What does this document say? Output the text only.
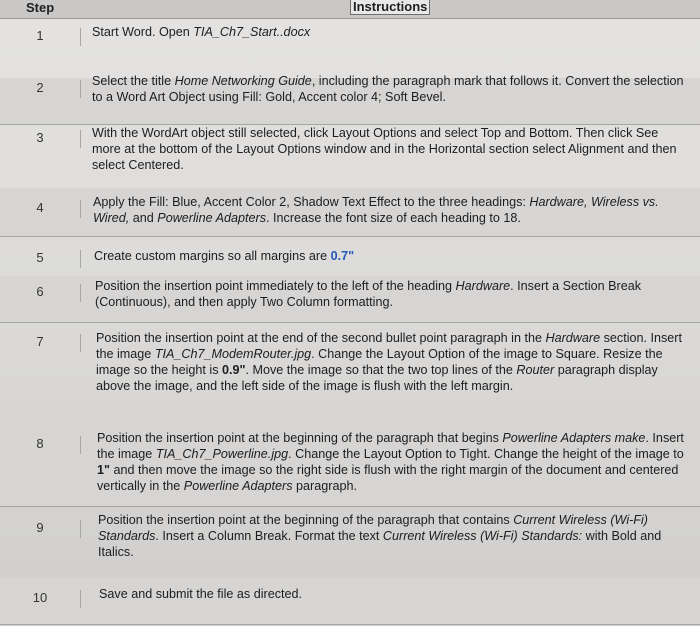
Step	Instructions
1	Start Word. Open TIA_Ch7_Start..docx
2	Select the title Home Networking Guide, including the paragraph mark that follows it. Convert the selection to a Word Art Object using Fill: Gold, Accent color 4; Soft Bevel.
3	With the WordArt object still selected, click Layout Options and select Top and Bottom. Then click See more at the bottom of the Layout Options window and in the Horizontal section select Alignment and then select Centered.
4	Apply the Fill: Blue, Accent Color 2, Shadow Text Effect to the three headings: Hardware, Wireless vs. Wired, and Powerline Adapters. Increase the font size of each heading to 18.
5	Create custom margins so all margins are 0.7"
6	Position the insertion point immediately to the left of the heading Hardware. Insert a Section Break (Continuous), and then apply Two Column formatting.
7	Position the insertion point at the end of the second bullet point paragraph in the Hardware section. Insert the image TIA_Ch7_ModemRouter.jpg. Change the Layout Option of the image to Square. Resize the image so the height is 0.9". Move the image so that the two top lines of the Router paragraph display above the image, and the left side of the image is flush with the left margin.
8	Position the insertion point at the beginning of the paragraph that begins Powerline Adapters make. Insert the image TIA_Ch7_Powerline.jpg. Change the Layout Option to Tight. Change the height of the image to 1" and then move the image so the right side is flush with the right margin of the document and centered vertically in the Powerline Adapters paragraph.
9	Position the insertion point at the beginning of the paragraph that contains Current Wireless (Wi-Fi) Standards. Insert a Column Break. Format the text Current Wireless (Wi-Fi) Standards: with Bold and Italics.
10	Save and submit the file as directed.
